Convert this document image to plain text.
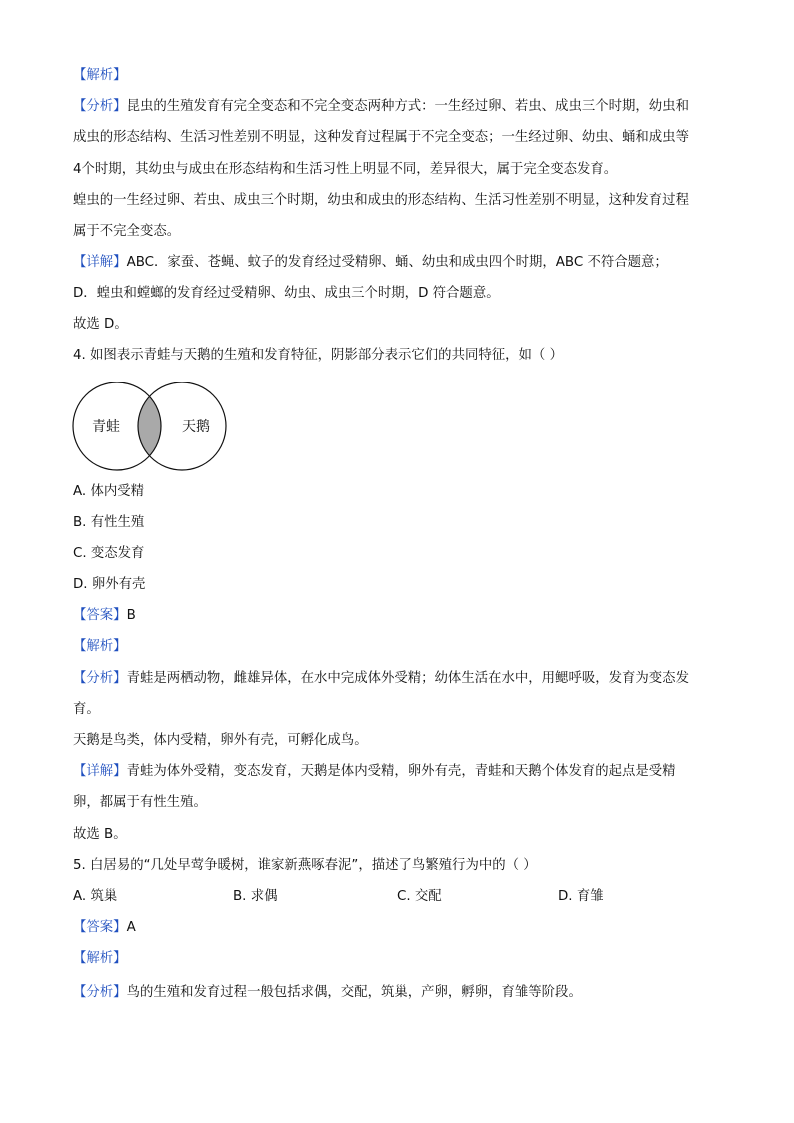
【解析】
【分析】昆虫的生殖发育有完全变态和不完全变态两种方式：一生经过卵、若虫、成虫三个时期，幼虫和
成虫的形态结构、生活习性差别不明显，这种发育过程属于不完全变态；一生经过卵、幼虫、蛹和成虫等
4个时期，其幼虫与成虫在形态结构和生活习性上明显不同，差异很大，属于完全变态发育。
蝗虫的一生经过卵、若虫、成虫三个时期，幼虫和成虫的形态结构、生活习性差别不明显，这种发育过程
属于不完全变态。
【详解】ABC．家蚕、苍蝇、蚊子的发育经过受精卵、蛹、幼虫和成虫四个时期，ABC 不符合题意；
D．蝗虫和螳螂的发育经过受精卵、幼虫、成虫三个时期，D 符合题意。
故选 D。
4. 如图表示青蛙与天鹅的生殖和发育特征，阴影部分表示它们的共同特征，如（ ）
青蛙	天鹅
A. 体内受精
B. 有性生殖
C. 变态发育
D. 卵外有壳
【答案】B
【解析】
【分析】青蛙是两栖动物，雌雄异体，在水中完成体外受精；幼体生活在水中，用鳃呼吸，发育为变态发
育。
天鹅是鸟类，体内受精，卵外有壳，可孵化成鸟。
【详解】青蛙为体外受精，变态发育，天鹅是体内受精，卵外有壳，青蛙和天鹅个体发育的起点是受精
卵，都属于有性生殖。
故选 B。
5. 白居易的“几处早莺争暖树，谁家新燕啄春泥”，描述了鸟繁殖行为中的（ ）
A. 筑巢	B. 求偶	C. 交配	D. 育雏
【答案】A
【解析】
【分析】鸟的生殖和发育过程一般包括求偶，交配，筑巢，产卵，孵卵，育雏等阶段。
